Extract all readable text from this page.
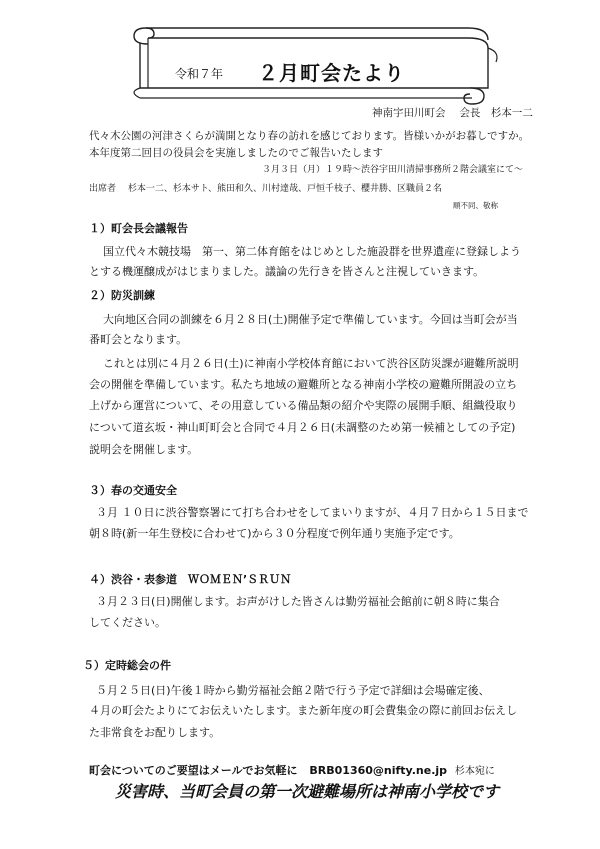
令和７年 ２月町会たより
神南宇田川町会　 会長　杉本一二
代々木公園の河津さくらが満開となり春の訪れを感じております。皆様いかがお暮しですか。
本年度第二回目の役員会を実施しましたのでご報告いたします
３月３日（月）１９時～渋谷宇田川清掃事務所２階会議室にて～
出席者　 杉本一二、杉本サト、熊田和久、川村達哉、戸恒千枝子、櫻井勝、区職員２名
順不同、敬称
１）町会長会議報告
国立代々木競技場　第一、第二体育館をはじめとした施設群を世界遺産に登録しよう
とする機運醸成がはじまりました。議論の先行きを皆さんと注視していきます。
２）防災訓練
大向地区合同の訓練を６月２８日(土)開催予定で準備しています。今回は当町会が当
番町会となります。
これとは別に４月２６日(土)に神南小学校体育館において渋谷区防災課が避難所説明
会の開催を準備しています。私たち地域の避難所となる神南小学校の避難所開設の立ち
上げから運営について、その用意している備品類の紹介や実際の展開手順、組織役取り
について道玄坂・神山町町会と合同で４月２６日(未調整のため第一候補としての予定)
説明会を開催します。
３）春の交通安全
３月 １０日に渋谷警察署にて打ち合わせをしてまいりますが、４月７日から１５日まで
朝８時(新一年生登校に合わせて)から３０分程度で例年通り実施予定です。
４）渋谷・表参道　ＷＯＭＥＮ’ＳＲＵＮ
３月２３日(日)開催します。お声がけした皆さんは勤労福祉会館前に朝８時に集合
してください。
５）定時総会の件
５月２５日(日)午後１時から勤労福祉会館２階で行う予定で詳細は会場確定後、
４月の町会たよりにてお伝えいたします。また新年度の町会費集金の際に前回お伝えし
た非常食をお配りします。
町会についてのご要望はメールでお気軽に BRB01360@nifty.ne.jp 杉本宛に
災害時、当町会員の第一次避難場所は神南小学校です
